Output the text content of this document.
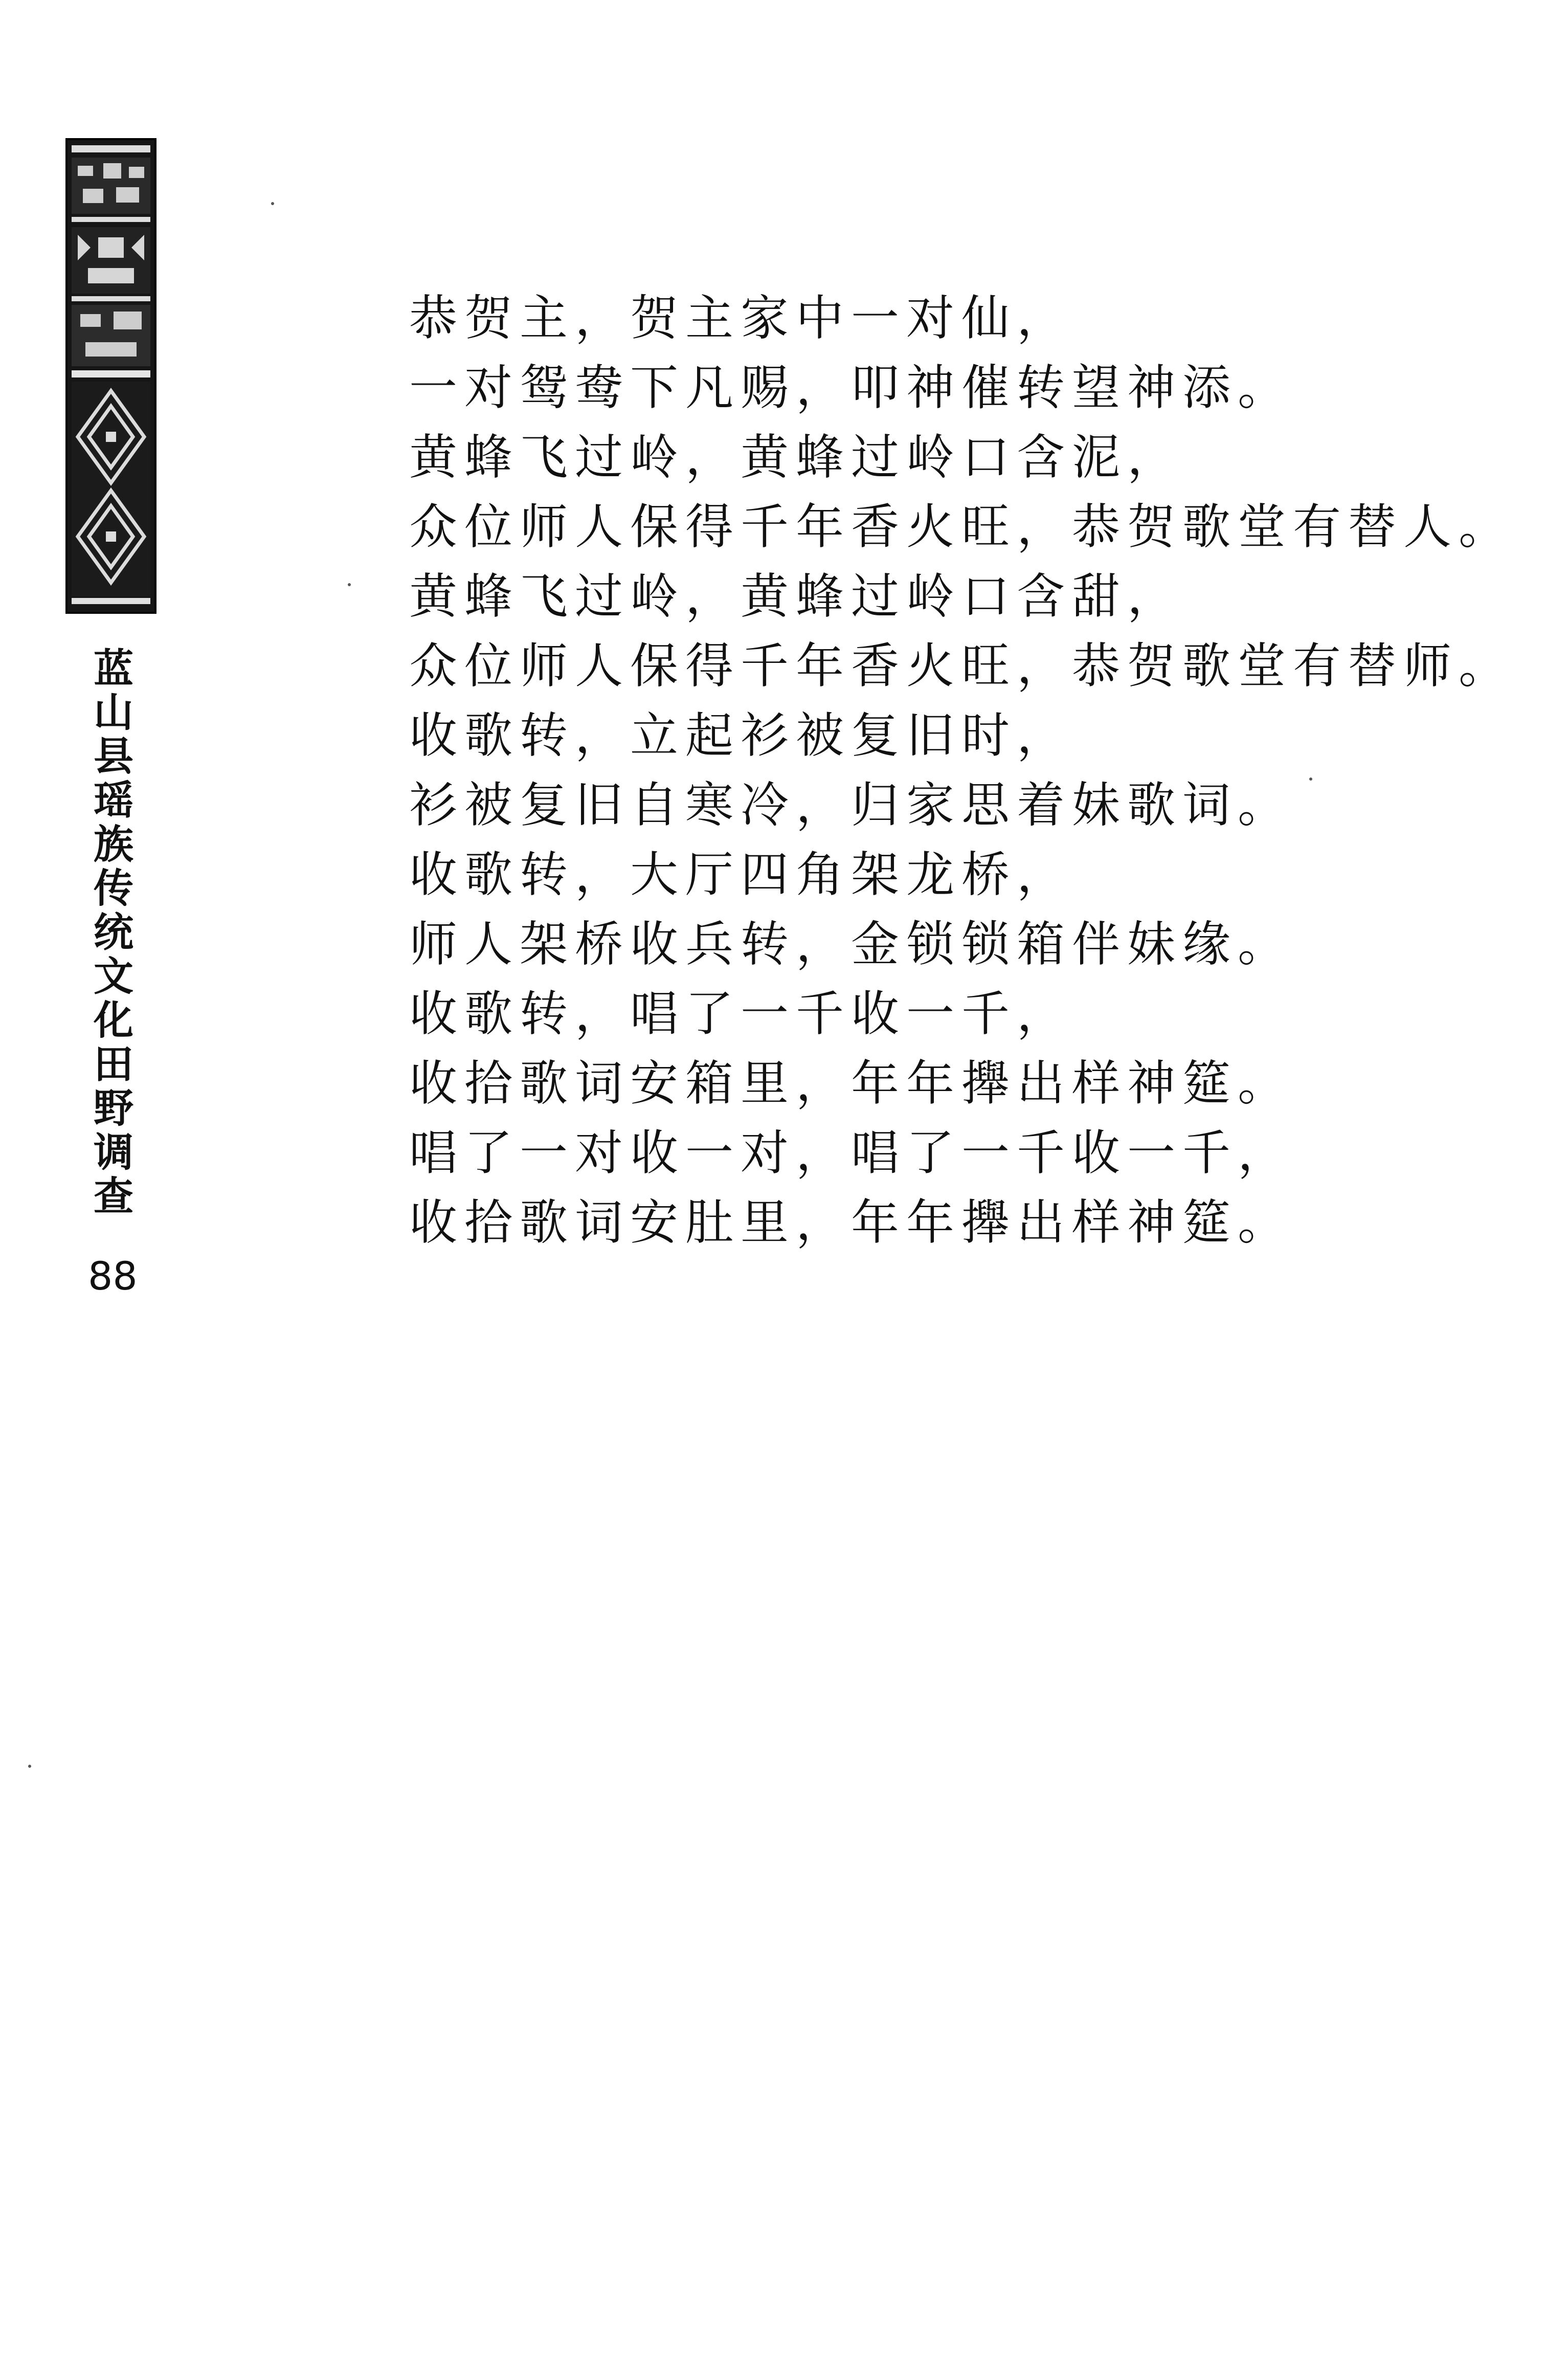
蓝山县瑶族传统文化田野调查
88
恭贺主，贺主家中一对仙，
一对鸳鸯下凡赐，叩神催转望神添。
黄蜂飞过岭，黄蜂过岭口含泥，
众位师人保得千年香火旺，恭贺歌堂有替人。
黄蜂飞过岭，黄蜂过岭口含甜，
众位师人保得千年香火旺，恭贺歌堂有替师。
收歌转，立起衫被复旧时，
衫被复旧自寒冷，归家思着妹歌词。
收歌转，大厅四角架龙桥，
师人架桥收兵转，金锁锁箱伴妹缘。
收歌转，唱了一千收一千，
收拾歌词安箱里，年年攑出样神筵。
唱了一对收一对，唱了一千收一千，
收拾歌词安肚里，年年攑出样神筵。
